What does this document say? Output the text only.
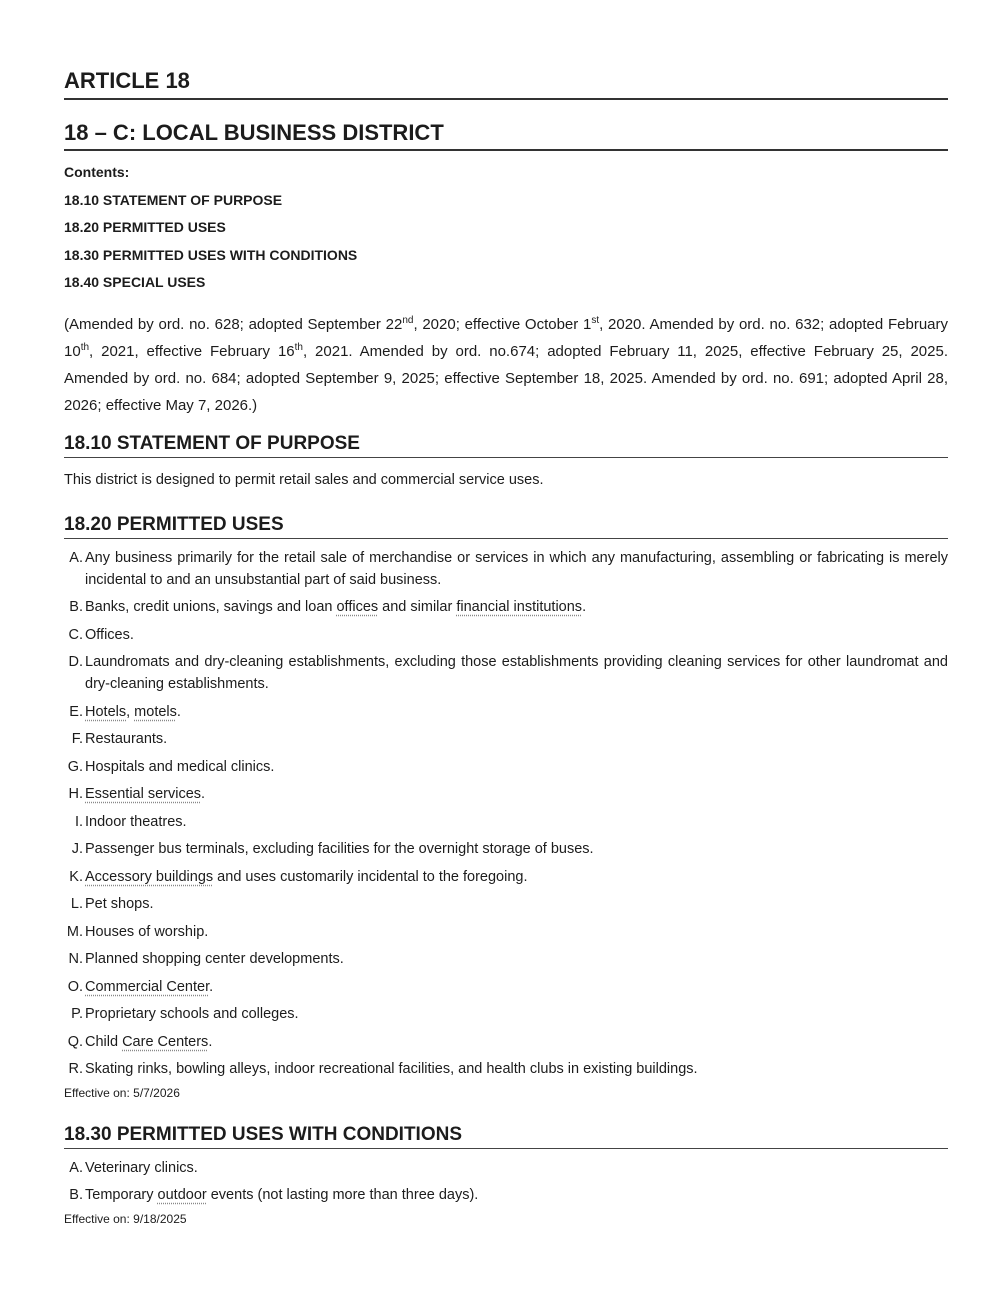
ARTICLE 18
18 – C: LOCAL BUSINESS DISTRICT
Contents:
18.10 STATEMENT OF PURPOSE
18.20 PERMITTED USES
18.30 PERMITTED USES WITH CONDITIONS
18.40 SPECIAL USES

(Amended by ord. no. 628; adopted September 22nd, 2020; effective October 1st, 2020. Amended by ord. no. 632; adopted February 10th, 2021, effective February 16th, 2021. Amended by ord. no.674; adopted February 11, 2025, effective February 25, 2025. Amended by ord. no. 684; adopted September 9, 2025; effective September 18, 2025. Amended by ord. no. 691; adopted April 28, 2026; effective May 7, 2026.)

18.10 STATEMENT OF PURPOSE

This district is designed to permit retail sales and commercial service uses.

18.20 PERMITTED USES
A. Any business primarily for the retail sale of merchandise or services in which any manufacturing, assembling or fabricating is merely incidental to and an unsubstantial part of said business.
B. Banks, credit unions, savings and loan offices and similar financial institutions.
C. Offices.
D. Laundromats and dry-cleaning establishments, excluding those establishments providing cleaning services for other laundromat and dry-cleaning establishments.
E. Hotels, motels.
F. Restaurants.
G. Hospitals and medical clinics.
H. Essential services.
I. Indoor theatres.
J. Passenger bus terminals, excluding facilities for the overnight storage of buses.
K. Accessory buildings and uses customarily incidental to the foregoing.
L. Pet shops.
M. Houses of worship.
N. Planned shopping center developments.
O. Commercial Center.
P. Proprietary schools and colleges.
Q. Child Care Centers.
R. Skating rinks, bowling alleys, indoor recreational facilities, and health clubs in existing buildings.
Effective on: 5/7/2026
18.30 PERMITTED USES WITH CONDITIONS
A. Veterinary clinics.
B. Temporary outdoor events (not lasting more than three days).
Effective on: 9/18/2025
